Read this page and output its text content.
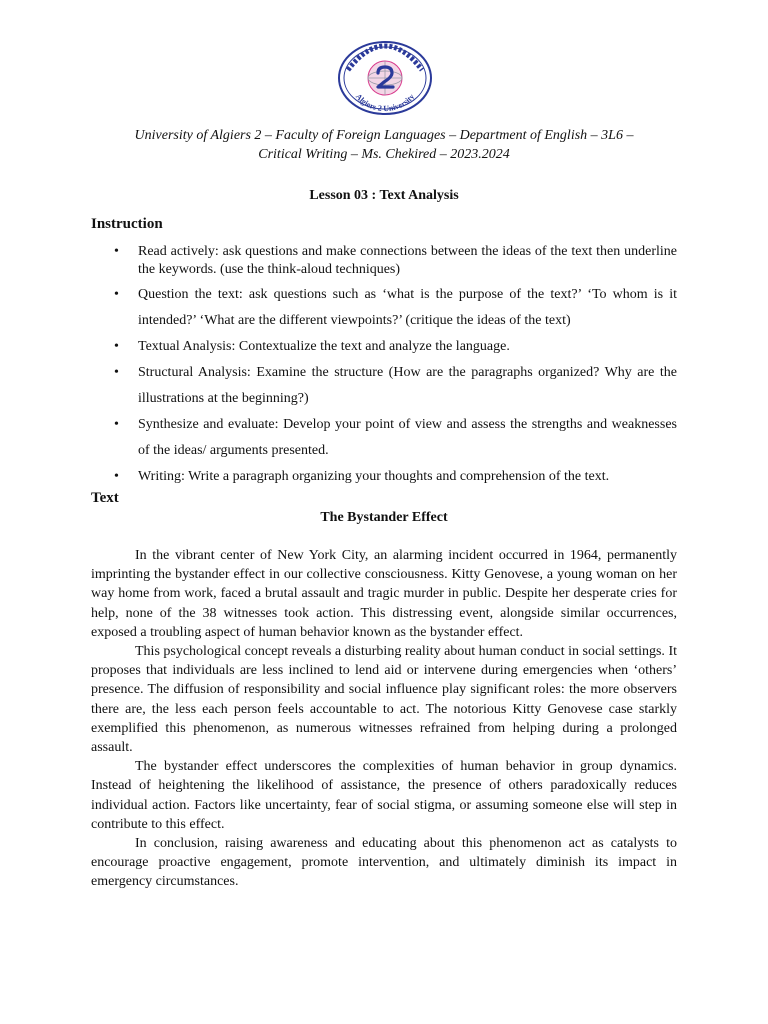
Algiers 2 University
University of Algiers 2 – Faculty of Foreign Languages – Department of English – 3L6 –
Critical Writing – Ms. Chekired – 2023.2024
Lesson 03 : Text Analysis
Instruction
• Read actively: ask questions and make connections between the ideas of the text then underline the keywords. (use the think-aloud techniques)
• Question the text: ask questions such as ‘what is the purpose of the text?’ ‘To whom is it intended?’ ‘What are the different viewpoints?’ (critique the ideas of the text)
• Textual Analysis: Contextualize the text and analyze the language.
• Structural Analysis: Examine the structure (How are the paragraphs organized? Why are the illustrations at the beginning?)
• Synthesize and evaluate: Develop your point of view and assess the strengths and weaknesses of the ideas/ arguments presented.
• Writing: Write a paragraph organizing your thoughts and comprehension of the text.
Text
The Bystander Effect

In the vibrant center of New York City, an alarming incident occurred in 1964, permanently imprinting the bystander effect in our collective consciousness. Kitty Genovese, a young woman on her way home from work, faced a brutal assault and tragic murder in public. Despite her desperate cries for help, none of the 38 witnesses took action. This distressing event, alongside similar occurrences, exposed a troubling aspect of human behavior known as the bystander effect.

This psychological concept reveals a disturbing reality about human conduct in social settings. It proposes that individuals are less inclined to lend aid or intervene during emergencies when ‘others’ presence. The diffusion of responsibility and social influence play significant roles: the more observers there are, the less each person feels accountable to act. The notorious Kitty Genovese case starkly exemplified this phenomenon, as numerous witnesses refrained from helping during a prolonged assault.

The bystander effect underscores the complexities of human behavior in group dynamics. Instead of heightening the likelihood of assistance, the presence of others paradoxically reduces individual action. Factors like uncertainty, fear of social stigma, or assuming someone else will step in contribute to this effect.

In conclusion, raising awareness and educating about this phenomenon act as catalysts to encourage proactive engagement, promote intervention, and ultimately diminish its impact in emergency circumstances.
